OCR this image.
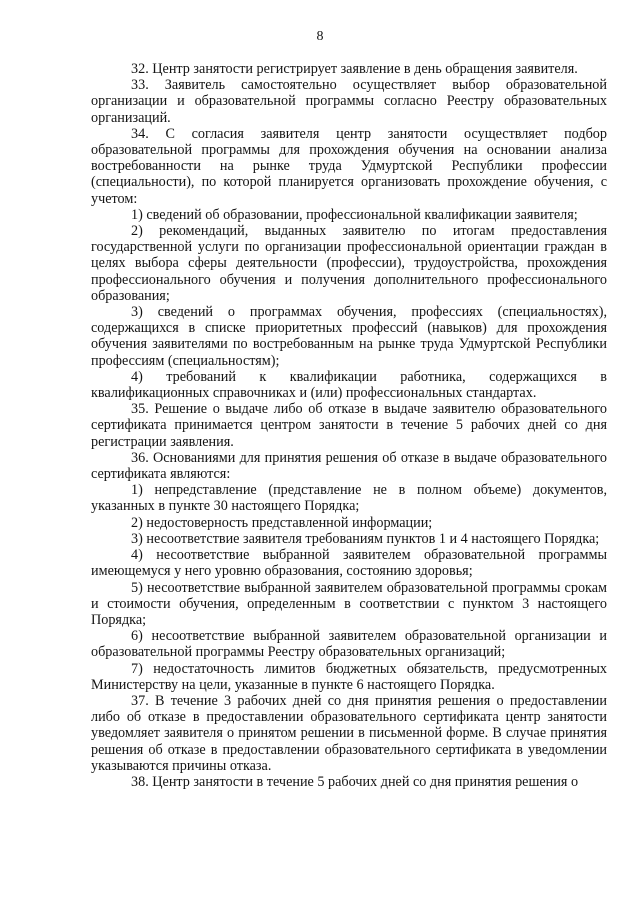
8

32. Центр занятости регистрирует заявление в день обращения заявителя.

33. Заявитель самостоятельно осуществляет выбор образовательной организации и образовательной программы согласно Реестру образовательных организаций.

34. С согласия заявителя центр занятости осуществляет подбор образовательной программы для прохождения обучения на основании анализа востребованности на рынке труда Удмуртской Республики профессии (специальности), по которой планируется организовать прохождение обучения, с учетом:

1) сведений об образовании, профессиональной квалификации заявителя;

2) рекомендаций, выданных заявителю по итогам предоставления государственной услуги по организации профессиональной ориентации граждан в целях выбора сферы деятельности (профессии), трудоустройства, прохождения профессионального обучения и получения дополнительного профессионального образования;

3) сведений о программах обучения, профессиях (специальностях), содержащихся в списке приоритетных профессий (навыков) для прохождения обучения заявителями по востребованным на рынке труда Удмуртской Республики профессиям (специальностям);

4) требований к квалификации работника, содержащихся в квалификационных справочниках и (или) профессиональных стандартах.

35. Решение о выдаче либо об отказе в выдаче заявителю образовательного сертификата принимается центром занятости в течение 5 рабочих дней со дня регистрации заявления.

36. Основаниями для принятия решения об отказе в выдаче образовательного сертификата являются:

1) непредставление (представление не в полном объеме) документов, указанных в пункте 30 настоящего Порядка;

2) недостоверность представленной информации;

3) несоответствие заявителя требованиям пунктов 1 и 4 настоящего Порядка;

4) несоответствие выбранной заявителем образовательной программы имеющемуся у него уровню образования, состоянию здоровья;

5) несоответствие выбранной заявителем образовательной программы срокам и стоимости обучения, определенным в соответствии с пунктом 3 настоящего Порядка;

6) несоответствие выбранной заявителем образовательной организации и образовательной программы Реестру образовательных организаций;

7) недостаточность лимитов бюджетных обязательств, предусмотренных Министерству на цели, указанные в пункте 6 настоящего Порядка.

37. В течение 3 рабочих дней со дня принятия решения о предоставлении либо об отказе в предоставлении образовательного сертификата центр занятости уведомляет заявителя о принятом решении в письменной форме. В случае принятия решения об отказе в предоставлении образовательного сертификата в уведомлении указываются причины отказа.

38. Центр занятости в течение 5 рабочих дней со дня принятия решения о
